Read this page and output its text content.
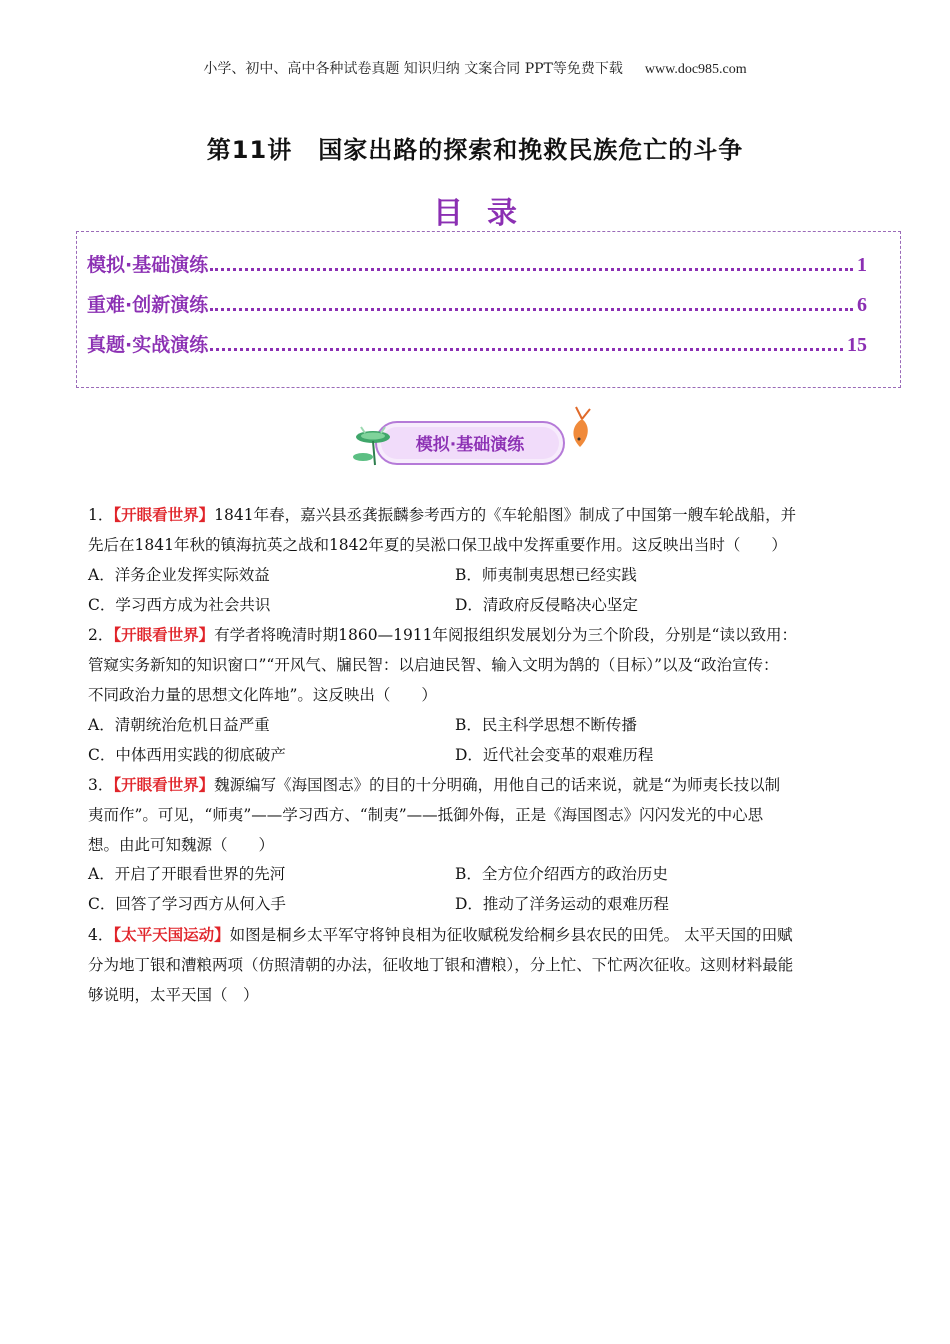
小学、初中、高中各种试卷真题 知识归纳 文案合同 PPT等免费下载 www.doc985.com
第11讲 国家出路的探索和挽救民族危亡的斗争
目录
模拟·基础演练	1
重难·创新演练	6
真题·实战演练	15
模拟·基础演练
1．【开眼看世界】1841年春，嘉兴县丞龚振麟参考西方的《车轮船图》制成了中国第一艘车轮战船，并
先后在1841年秋的镇海抗英之战和1842年夏的吴淞口保卫战中发挥重要作用。这反映出当时（　　）
A．洋务企业发挥实际效益	B．师夷制夷思想已经实践
C．学习西方成为社会共识	D．清政府反侵略决心坚定
2．【开眼看世界】有学者将晚清时期1860—1911年阅报组织发展划分为三个阶段，分别是“读以致用：
管窥实务新知的知识窗口”“开风气、牖民智：以启迪民智、输入文明为鹄的（目标）”以及“政治宣传：
不同政治力量的思想文化阵地”。这反映出（　　）
A．清朝统治危机日益严重	B．民主科学思想不断传播
C．中体西用实践的彻底破产	D．近代社会变革的艰难历程
3．【开眼看世界】魏源编写《海国图志》的目的十分明确，用他自己的话来说，就是“为师夷长技以制
夷而作”。可见，“师夷”——学习西方、“制夷”——抵御外侮，正是《海国图志》闪闪发光的中心思
想。由此可知魏源（　　）
A．开启了开眼看世界的先河	B．全方位介绍西方的政治历史
C．回答了学习西方从何入手	D．推动了洋务运动的艰难历程
4．【太平天国运动】如图是桐乡太平军守将钟良相为征收赋税发给桐乡县农民的田凭。 太平天国的田赋
分为地丁银和漕粮两项（仿照清朝的办法，征收地丁银和漕粮），分上忙、下忙两次征收。这则材料最能
够说明，太平天国（　）
